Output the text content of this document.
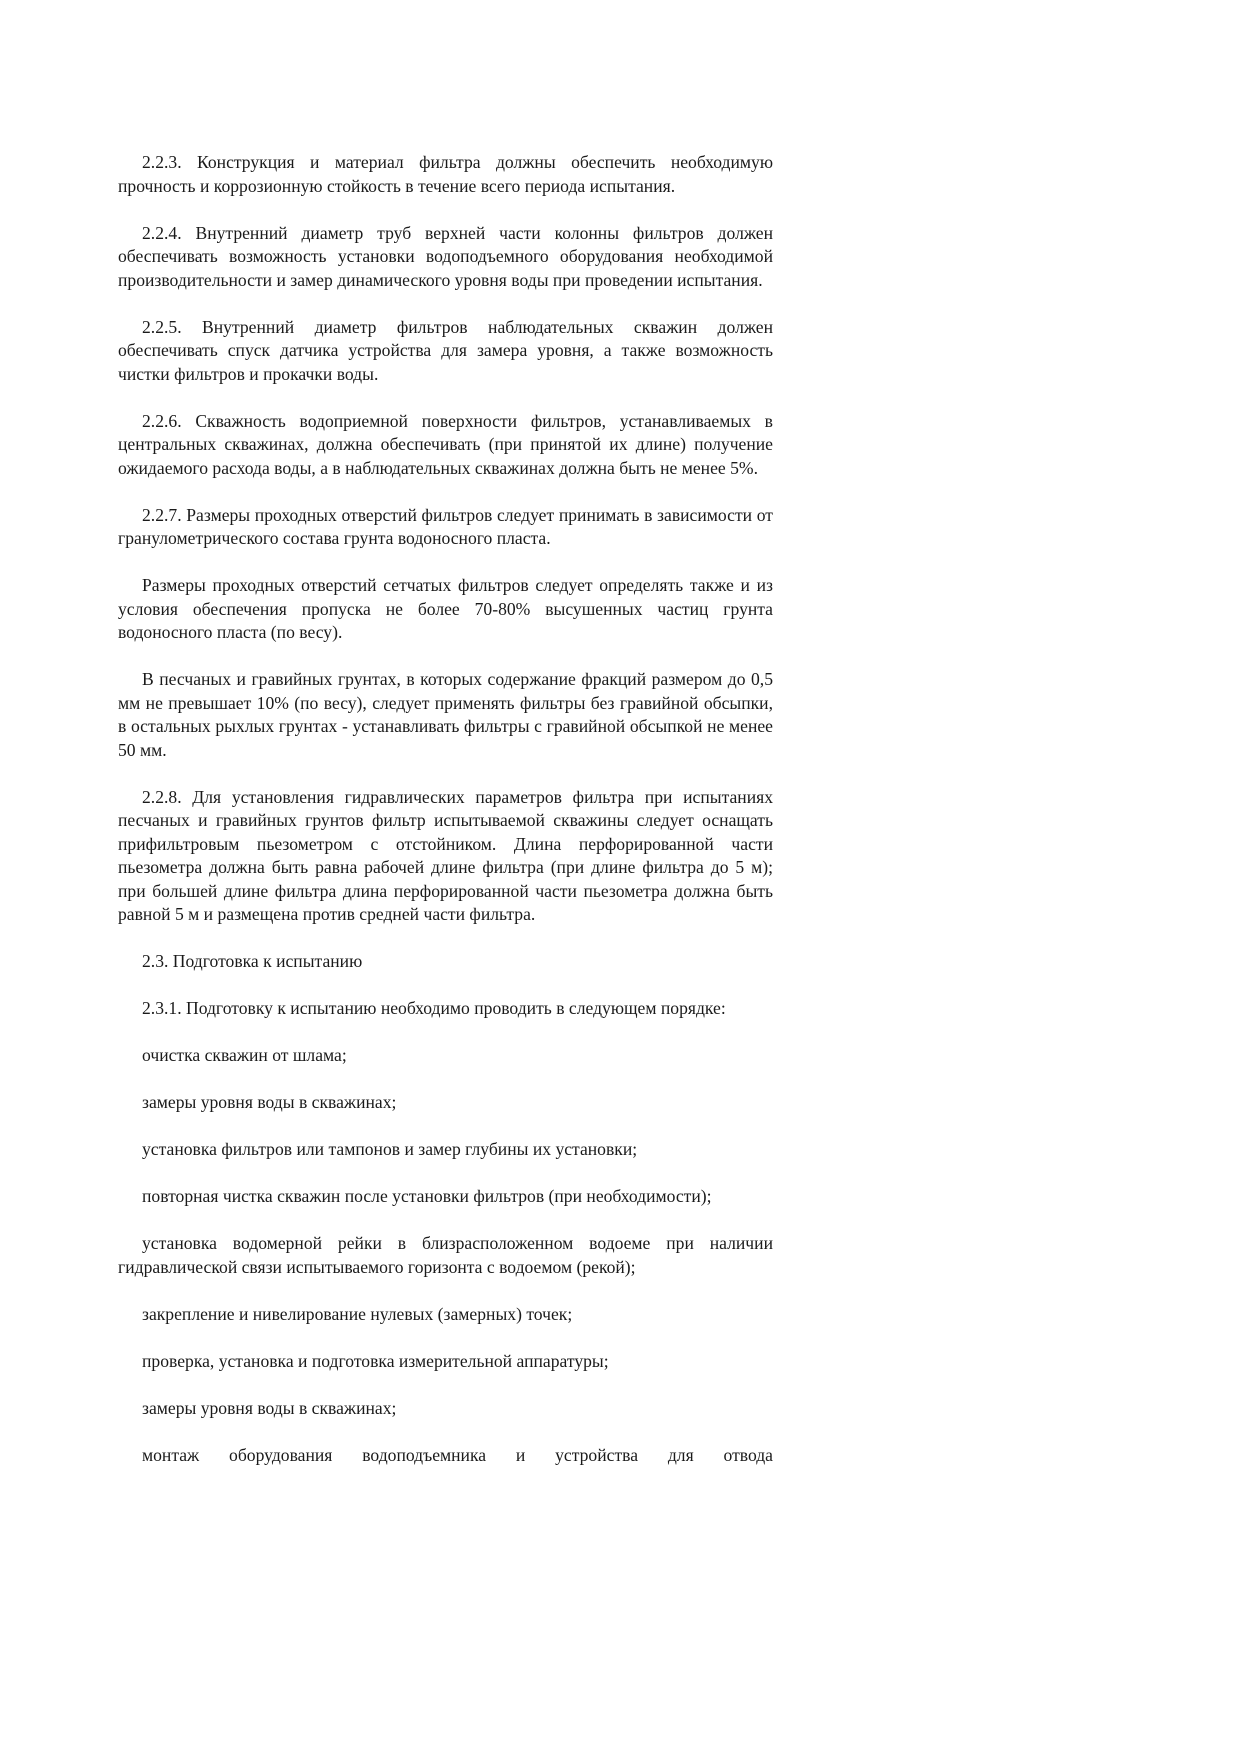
2.2.3. Конструкция и материал фильтра должны обеспечить необходимую прочность и коррозионную стойкость в течение всего периода испытания.

2.2.4. Внутренний диаметр труб верхней части колонны фильтров должен обеспечивать возможность установки водоподъемного оборудования необходимой производительности и замер динамического уровня воды при проведении испытания.

2.2.5. Внутренний диаметр фильтров наблюдательных скважин должен обеспечивать спуск датчика устройства для замера уровня, а также возможность чистки фильтров и прокачки воды.

2.2.6. Скважность водоприемной поверхности фильтров, устанавливаемых в центральных скважинах, должна обеспечивать (при принятой их длине) получение ожидаемого расхода воды, а в наблюдательных скважинах должна быть не менее 5%.

2.2.7. Размеры проходных отверстий фильтров следует принимать в зависимости от гранулометрического состава грунта водоносного пласта.

Размеры проходных отверстий сетчатых фильтров следует определять также и из условия обеспечения пропуска не более 70-80% высушенных частиц грунта водоносного пласта (по весу).

В песчаных и гравийных грунтах, в которых содержание фракций размером до 0,5 мм не превышает 10% (по весу), следует применять фильтры без гравийной обсыпки, в остальных рыхлых грунтах - устанавливать фильтры с гравийной обсыпкой не менее 50 мм.

2.2.8. Для установления гидравлических параметров фильтра при испытаниях песчаных и гравийных грунтов фильтр испытываемой скважины следует оснащать прифильтровым пьезометром с отстойником. Длина перфорированной части пьезометра должна быть равна рабочей длине фильтра (при длине фильтра до 5 м); при большей длине фильтра длина перфорированной части пьезометра должна быть равной 5 м и размещена против средней части фильтра.

2.3. Подготовка к испытанию

2.3.1. Подготовку к испытанию необходимо проводить в следующем порядке:

очистка скважин от шлама;

замеры уровня воды в скважинах;

установка фильтров или тампонов и замер глубины их установки;

повторная чистка скважин после установки фильтров (при необходимости);

установка водомерной рейки в близрасположенном водоеме при наличии гидравлической связи испытываемого горизонта с водоемом (рекой);

закрепление и нивелирование нулевых (замерных) точек;

проверка, установка и подготовка измерительной аппаратуры;

замеры уровня воды в скважинах;

монтаж оборудования водоподъемника и устройства для отвода
